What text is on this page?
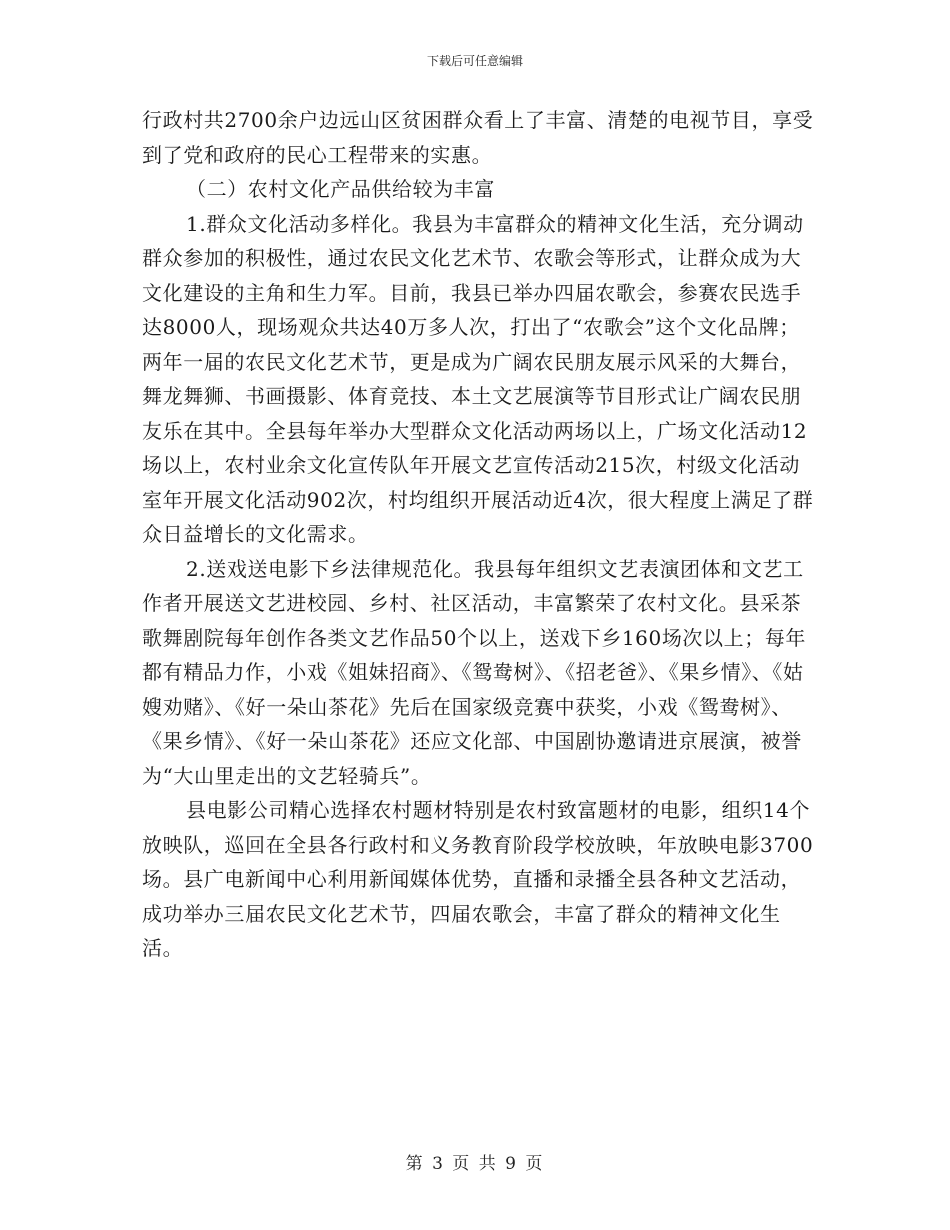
下载后可任意编辑

行政村共2700余户边远山区贫困群众看上了丰富、清楚的电视节目，享受到了党和政府的民心工程带来的实惠。

（二）农村文化产品供给较为丰富

1.群众文化活动多样化。我县为丰富群众的精神文化生活，充分调动群众参加的积极性，通过农民文化艺术节、农歌会等形式，让群众成为大文化建设的主角和生力军。目前，我县已举办四届农歌会，参赛农民选手达8000人，现场观众共达40万多人次，打出了“农歌会”这个文化品牌；两年一届的农民文化艺术节，更是成为广阔农民朋友展示风采的大舞台，舞龙舞狮、书画摄影、体育竞技、本土文艺展演等节目形式让广阔农民朋友乐在其中。全县每年举办大型群众文化活动两场以上，广场文化活动12场以上，农村业余文化宣传队年开展文艺宣传活动215次，村级文化活动室年开展文化活动902次，村均组织开展活动近4次，很大程度上满足了群众日益增长的文化需求。

2.送戏送电影下乡法律规范化。我县每年组织文艺表演团体和文艺工作者开展送文艺进校园、乡村、社区活动，丰富繁荣了农村文化。县采茶歌舞剧院每年创作各类文艺作品50个以上，送戏下乡160场次以上；每年都有精品力作，小戏《姐妹招商》、《鸳鸯树》、《招老爸》、《果乡情》、《姑嫂劝赌》、《好一朵山茶花》先后在国家级竞赛中获奖，小戏《鸳鸯树》、《果乡情》、《好一朵山茶花》还应文化部、中国剧协邀请进京展演，被誉为“大山里走出的文艺轻骑兵”。

县电影公司精心选择农村题材特别是农村致富题材的电影，组织14个放映队，巡回在全县各行政村和义务教育阶段学校放映，年放映电影3700场。县广电新闻中心利用新闻媒体优势，直播和录播全县各种文艺活动，成功举办三届农民文化艺术节，四届农歌会，丰富了群众的精神文化生活。

第 3 页 共 9 页
